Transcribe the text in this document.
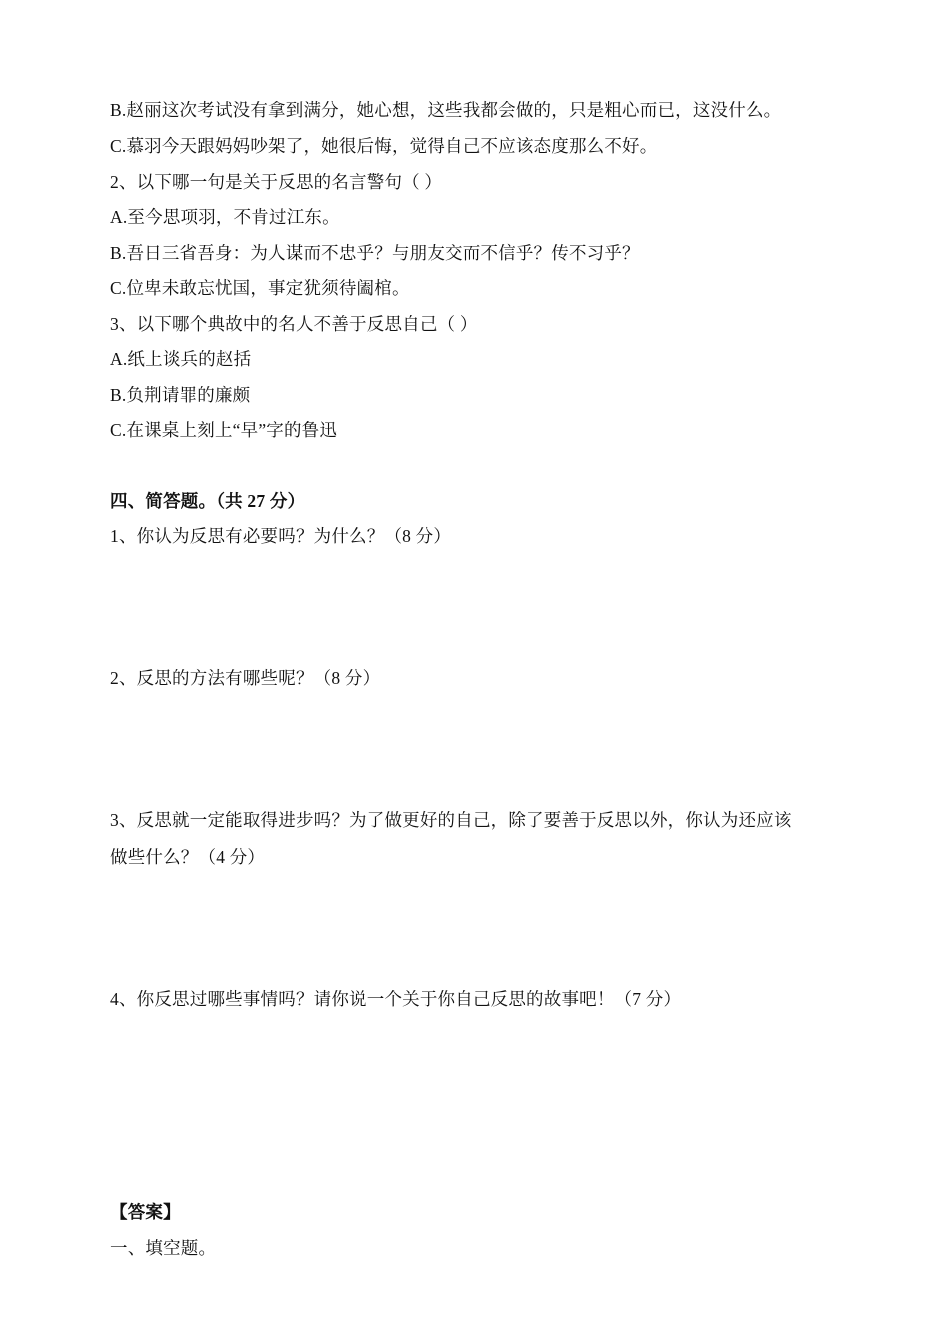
B.赵丽这次考试没有拿到满分，她心想，这些我都会做的，只是粗心而已，这没什么。
C.慕羽今天跟妈妈吵架了，她很后悔，觉得自己不应该态度那么不好。
2、以下哪一句是关于反思的名言警句（ ）
A.至今思项羽，不肯过江东。
B.吾日三省吾身：为人谋而不忠乎？与朋友交而不信乎？传不习乎？
C.位卑未敢忘忧国，事定犹须待阖棺。
3、以下哪个典故中的名人不善于反思自己（ ）
A.纸上谈兵的赵括
B.负荆请罪的廉颇
C.在课桌上刻上“早”字的鲁迅
四、简答题。（共 27 分）
1、你认为反思有必要吗？为什么？（8 分）
2、反思的方法有哪些呢？（8 分）
3、反思就一定能取得进步吗？为了做更好的自己，除了要善于反思以外，你认为还应该
做些什么？（4 分）
4、你反思过哪些事情吗？请你说一个关于你自己反思的故事吧！（7 分）
【答案】
一、填空题。
